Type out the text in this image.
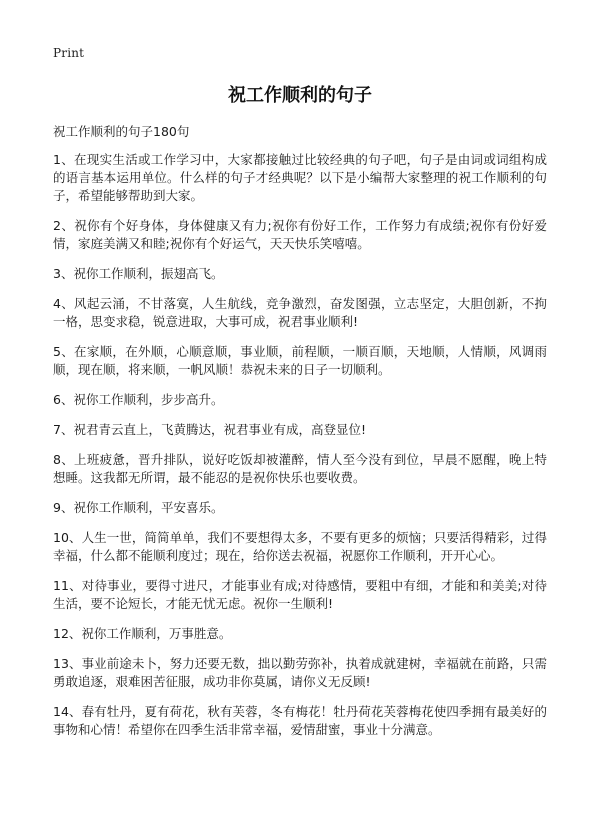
Print
祝工作顺利的句子

祝工作顺利的句子180句

1、在现实生活或工作学习中，大家都接触过比较经典的句子吧，句子是由词或词组构成的语言基本运用单位。什么样的句子才经典呢？以下是小编帮大家整理的祝工作顺利的句子，希望能够帮助到大家。

2、祝你有个好身体，身体健康又有力;祝你有份好工作，工作努力有成绩;祝你有份好爱情，家庭美满又和睦;祝你有个好运气，天天快乐笑嘻嘻。

3、祝你工作顺利，振翅高飞。

4、风起云涌，不甘落寞，人生航线，竞争激烈，奋发图强，立志坚定，大胆创新，不拘一格，思变求稳，锐意进取，大事可成，祝君事业顺利!

5、在家顺，在外顺，心顺意顺，事业顺，前程顺，一顺百顺，天地顺，人情顺，风调雨顺，现在顺，将来顺，一帆风顺！恭祝未来的日子一切顺利。

6、祝你工作顺利，步步高升。

7、祝君青云直上，飞黄腾达，祝君事业有成，高登显位!

8、上班疲惫，晋升排队，说好吃饭却被灌醉，情人至今没有到位，早晨不愿醒，晚上特想睡。这我都无所谓，最不能忍的是祝你快乐也要收费。

9、祝你工作顺利，平安喜乐。

10、人生一世，简简单单，我们不要想得太多，不要有更多的烦恼；只要活得精彩，过得幸福，什么都不能顺利度过；现在，给你送去祝福，祝愿你工作顺利，开开心心。

11、对待事业，要得寸进尺，才能事业有成;对待感情，要粗中有细，才能和和美美;对待生活，要不论短长，才能无忧无虑。祝你一生顺利!

12、祝你工作顺利，万事胜意。

13、事业前途未卜，努力还要无数，拙以勤劳弥补，执着成就建树，幸福就在前路，只需勇敢追逐，艰难困苦征服，成功非你莫属，请你义无反顾!

14、春有牡丹，夏有荷花，秋有芙蓉，冬有梅花！牡丹荷花芙蓉梅花使四季拥有最美好的事物和心情！希望你在四季生活非常幸福，爱情甜蜜，事业十分满意。
